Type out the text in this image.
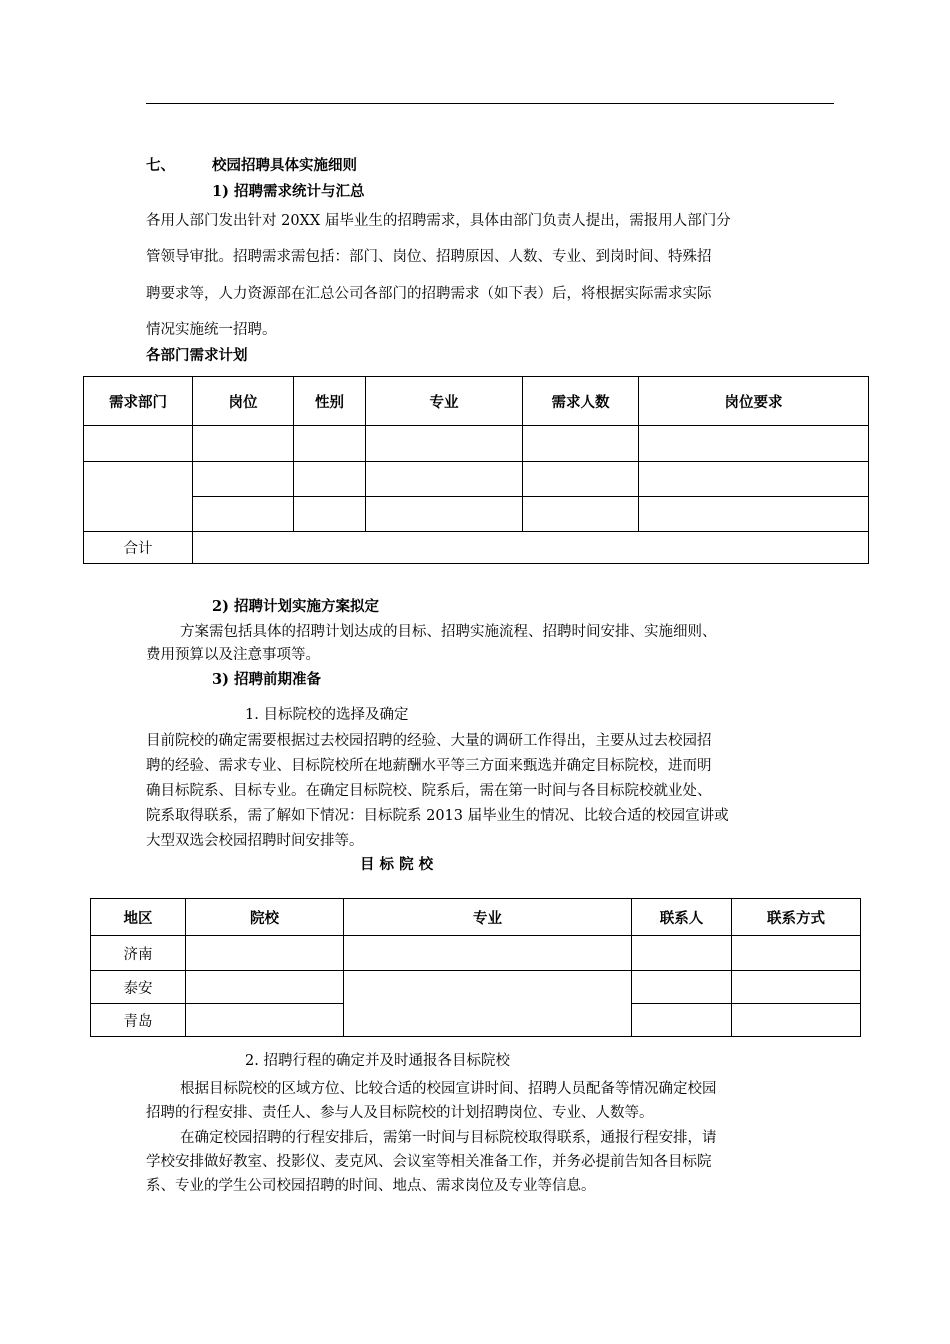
七、	校园招聘具体实施细则
1) 招聘需求统计与汇总
各用人部门发出针对 20XX 届毕业生的招聘需求，具体由部门负责人提出，需报用人部门分
管领导审批。招聘需求需包括：部门、岗位、招聘原因、人数、专业、到岗时间、特殊招
聘要求等，人力资源部在汇总公司各部门的招聘需求（如下表）后，将根据实际需求实际
情况实施统一招聘。
各部门需求计划
需求部门	岗位	性别	专业	需求人数	岗位要求

合计					
2) 招聘计划实施方案拟定
方案需包括具体的招聘计划达成的目标、招聘实施流程、招聘时间安排、实施细则、
费用预算以及注意事项等。
3) 招聘前期准备
1. 目标院校的选择及确定
目前院校的确定需要根据过去校园招聘的经验、大量的调研工作得出，主要从过去校园招
聘的经验、需求专业、目标院校所在地薪酬水平等三方面来甄选并确定目标院校，进而明
确目标院系、目标专业。在确定目标院校、院系后，需在第一时间与各目标院校就业处、
院系取得联系，需了解如下情况：目标院系 2013 届毕业生的情况、比较合适的校园宣讲或
大型双选会校园招聘时间安排等。
目 标 院 校
地区	院校	专业	联系人	联系方式
济南				
泰安				
青岛				
2. 招聘行程的确定并及时通报各目标院校
根据目标院校的区域方位、比较合适的校园宣讲时间、招聘人员配备等情况确定校园
招聘的行程安排、责任人、参与人及目标院校的计划招聘岗位、专业、人数等。
在确定校园招聘的行程安排后，需第一时间与目标院校取得联系，通报行程安排，请
学校安排做好教室、投影仪、麦克风、会议室等相关准备工作，并务必提前告知各目标院
系、专业的学生公司校园招聘的时间、地点、需求岗位及专业等信息。
